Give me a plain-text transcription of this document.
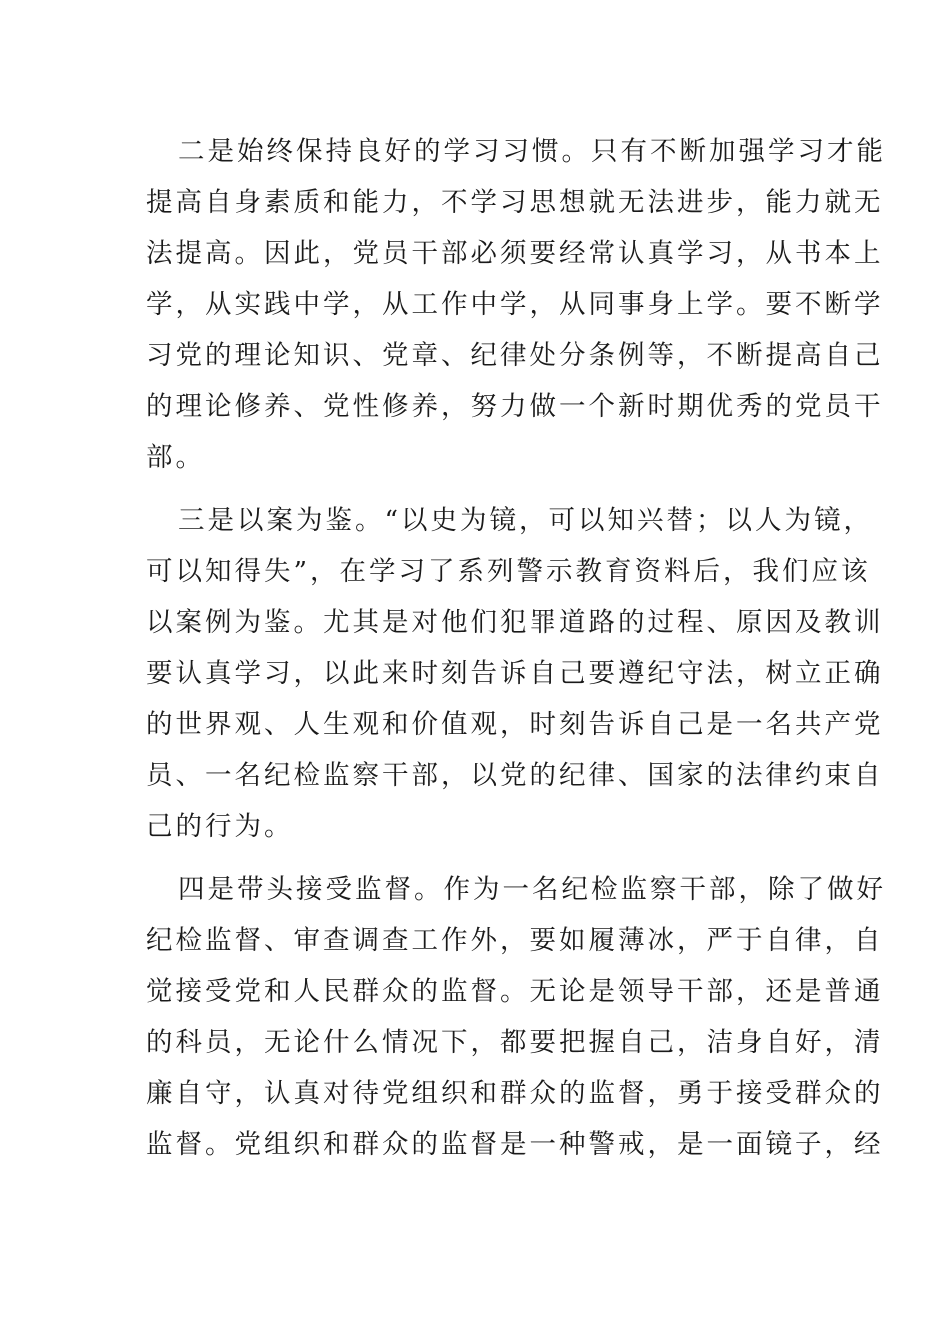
二是始终保持良好的学习习惯。只有不断加强学习才能
提高自身素质和能力，不学习思想就无法进步，能力就无
法提高。因此，党员干部必须要经常认真学习，从书本上
学，从实践中学，从工作中学，从同事身上学。要不断学
习党的理论知识、党章、纪律处分条例等，不断提高自己
的理论修养、党性修养，努力做一个新时期优秀的党员干
部。
三是以案为鉴。“以史为镜，可以知兴替；以人为镜，
可以知得失”，在学习了系列警示教育资料后，我们应该
以案例为鉴。尤其是对他们犯罪道路的过程、原因及教训
要认真学习，以此来时刻告诉自己要遵纪守法，树立正确
的世界观、人生观和价值观，时刻告诉自己是一名共产党
员、一名纪检监察干部，以党的纪律、国家的法律约束自
己的行为。
四是带头接受监督。作为一名纪检监察干部，除了做好
纪检监督、审查调查工作外，要如履薄冰，严于自律，自
觉接受党和人民群众的监督。无论是领导干部，还是普通
的科员，无论什么情况下，都要把握自己，洁身自好，清
廉自守，认真对待党组织和群众的监督，勇于接受群众的
监督。党组织和群众的监督是一种警戒，是一面镜子，经
